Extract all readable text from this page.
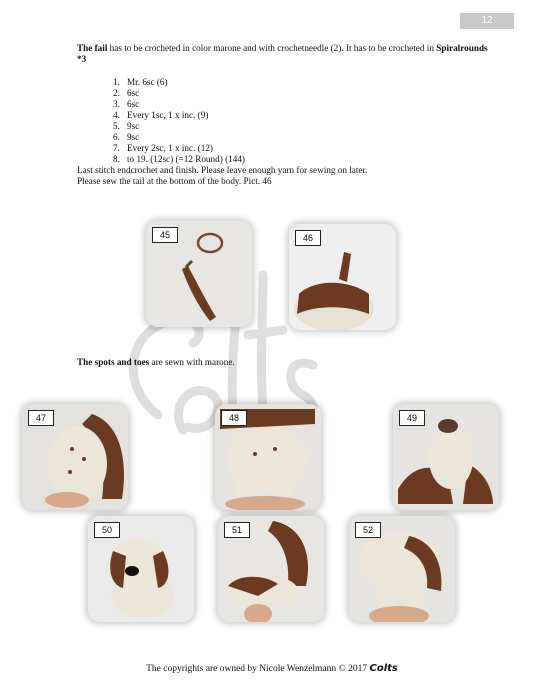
12
The fail has to be crocheted in color marone and with crochetneedle (2). It has to be crocheted in Spiralrounds *3
1. Mr. 6sc (6)
2. 6sc
3. 6sc
4. Every 1sc, 1 x inc. (9)
5. 9sc
6. 9sc
7. Every 2sc, 1 x inc. (12)
8. to 19. (12sc) (=12 Round) (144)
Last stitch endcrochet and finish. Please leave enough yarn for sewing on later.
Please sew the tail at the bottom of the body. Pict. 46
The spots and toes are sewn with marone.
45	46
47	48	49
50	51	52
The copyrights are owned by Nicole Wenzelmann © 2017 Colts
